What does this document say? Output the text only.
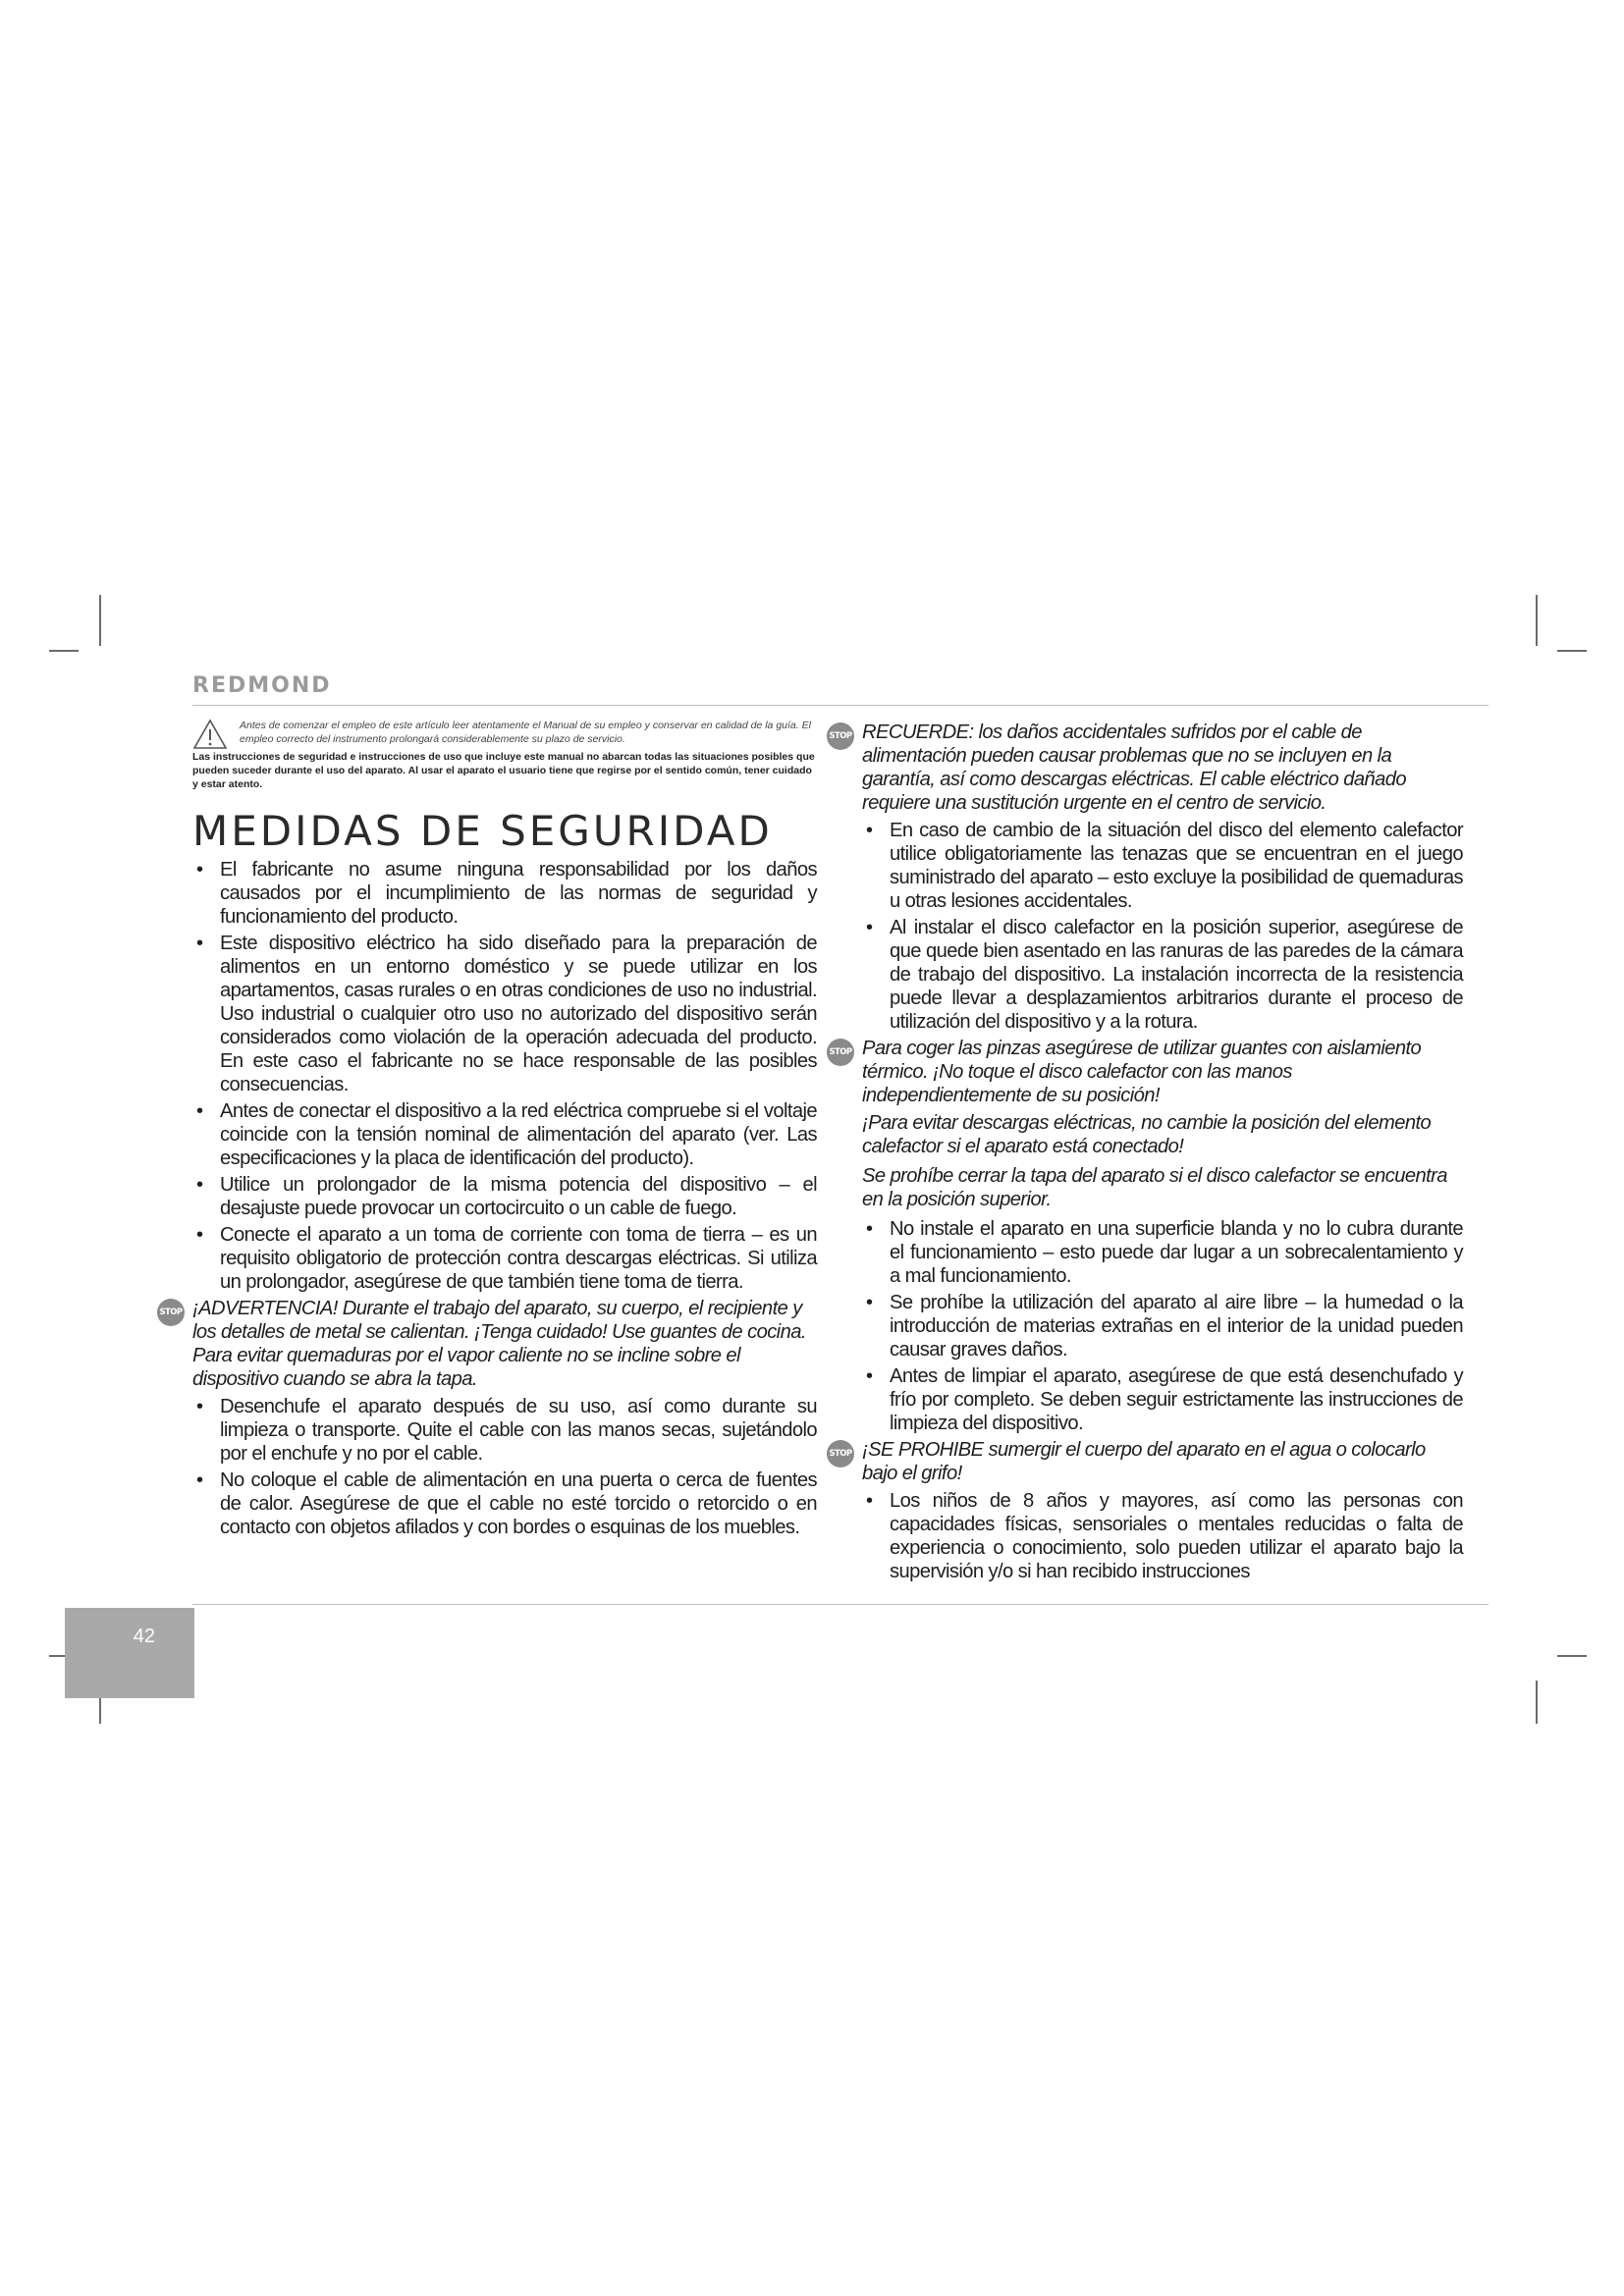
REDMOND
Antes de comenzar el empleo de este artículo leer atentamente el Manual de su empleo y conservar en calidad de la guía. El empleo correcto del instrumento prolongará considerablemente su plazo de servicio.
Las instrucciones de seguridad e instrucciones de uso que incluye este manual no abarcan todas las situaciones posibles que pueden suceder durante el uso del aparato. Al usar el aparato el usuario tiene que regirse por el sentido común, tener cuidado y estar atento.
MEDIDAS DE SEGURIDAD
• El fabricante no asume ninguna responsabilidad por los daños causados por el incumplimiento de las normas de seguridad y funcionamiento del producto.
• Este dispositivo eléctrico ha sido diseñado para la preparación de alimentos en un entorno doméstico y se puede utilizar en los apartamentos, casas rurales o en otras condiciones de uso no industrial. Uso industrial o cualquier otro uso no autorizado del dispositivo serán considerados como violación de la operación adecuada del producto. En este caso el fabricante no se hace responsable de las posibles consecuencias.
• Antes de conectar el dispositivo a la red eléctrica compruebe si el voltaje coincide con la tensión nominal de alimentación del aparato (ver. Las especificaciones y la placa de identificación del producto).
• Utilice un prolongador de la misma potencia del dispositivo – el desajuste puede provocar un cortocircuito o un cable de fuego.
• Conecte el aparato a un toma de corriente con toma de tierra – es un requisito obligatorio de protección contra descargas eléctricas. Si utiliza un prolongador, asegúrese de que también tiene toma de tierra.
STOP ¡ADVERTENCIA! Durante el trabajo del aparato, su cuerpo, el recipiente y los detalles de metal se calientan. ¡Tenga cuidado! Use guantes de cocina. Para evitar quemaduras por el vapor caliente no se incline sobre el dispositivo cuando se abra la tapa.
• Desenchufe el aparato después de su uso, así como durante su limpieza o transporte. Quite el cable con las manos secas, sujetándolo por el enchufe y no por el cable.
• No coloque el cable de alimentación en una puerta o cerca de fuentes de calor. Asegúrese de que el cable no esté torcido o retorcido o en contacto con objetos afilados y con bordes o esquinas de los muebles.
STOP RECUERDE: los daños accidentales sufridos por el cable de alimentación pueden causar problemas que no se incluyen en la garantía, así como descargas eléctricas. El cable eléctrico dañado requiere una sustitución urgente en el centro de servicio.
• En caso de cambio de la situación del disco del elemento calefactor utilice obligatoriamente las tenazas que se encuentran en el juego suministrado del aparato – esto excluye la posibilidad de quemaduras u otras lesiones accidentales.
• Al instalar el disco calefactor en la posición superior, asegúrese de que quede bien asentado en las ranuras de las paredes de la cámara de trabajo del dispositivo. La instalación incorrecta de la resistencia puede llevar a desplazamientos arbitrarios durante el proceso de utilización del dispositivo y a la rotura.
STOP Para coger las pinzas asegúrese de utilizar guantes con aislamiento térmico. ¡No toque el disco calefactor con las manos independientemente de su posición!
¡Para evitar descargas eléctricas, no cambie la posición del elemento calefactor si el aparato está conectado!
Se prohíbe cerrar la tapa del aparato si el disco calefactor se encuentra en la posición superior.
• No instale el aparato en una superficie blanda y no lo cubra durante el funcionamiento – esto puede dar lugar a un sobrecalentamiento y a mal funcionamiento.
• Se prohíbe la utilización del aparato al aire libre – la humedad o la introducción de materias extrañas en el interior de la unidad pueden causar graves daños.
• Antes de limpiar el aparato, asegúrese de que está desenchufado y frío por completo. Se deben seguir estrictamente las instrucciones de limpieza del dispositivo.
STOP ¡SE PROHIBE sumergir el cuerpo del aparato en el agua o colocarlo bajo el grifo!
• Los niños de 8 años y mayores, así como las personas con capacidades físicas, sensoriales o mentales reducidas o falta de experiencia o conocimiento, solo pueden utilizar el aparato bajo la supervisión y/o si han recibido instrucciones
42
